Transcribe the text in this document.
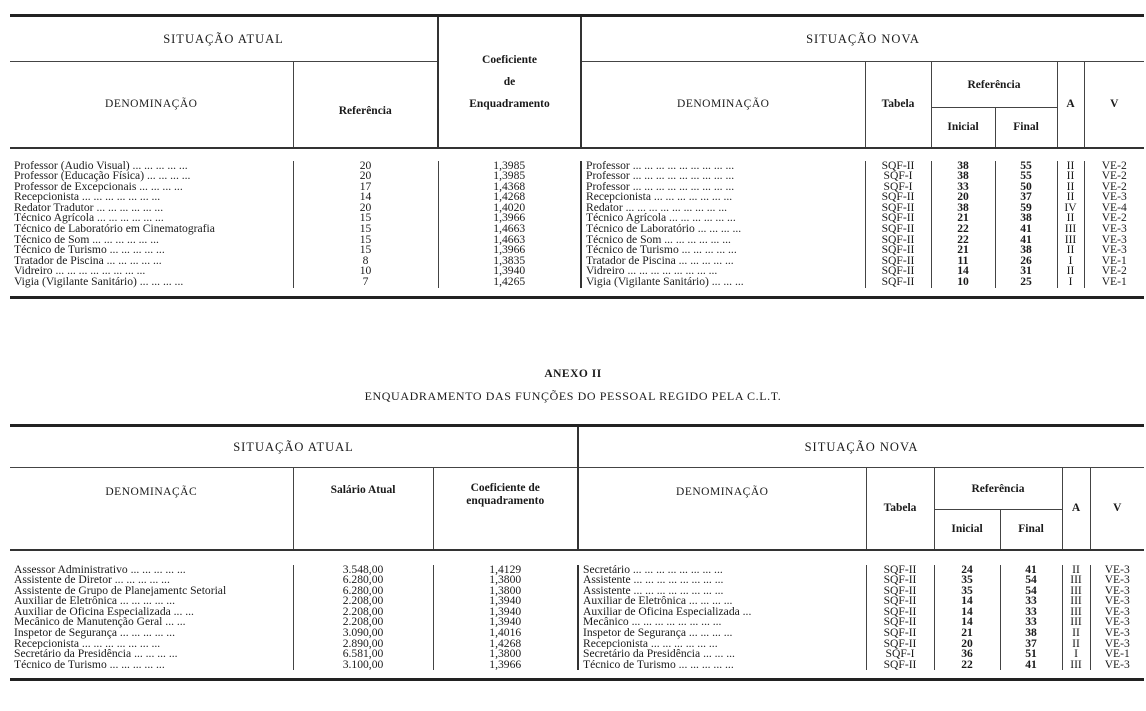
SITUAÇÃO ATUAL		Coeficiente
de
Enquadramento	SITUAÇÃO NOVA					
DENOMINAÇÃO	Referência		DENOMINAÇÃO	Tabela	Referência		A	V
					Inicial	Final		

Professor (Audio Visual) ... ... ... ... ...	20	1,3985	Professor ... ... ... ... ... ... ... ... ...	SQF-II	38	55	II	VE-2
Professor (Educação Física) ... ... ... ...	20	1,3985	Professor ... ... ... ... ... ... ... ... ...	SQF-I	38	55	II	VE-2
Professor de Excepcionais ... ... ... ...	17	1,4368	Professor ... ... ... ... ... ... ... ... ...	SQF-I	33	50	II	VE-2
Recepcionista ... ... ... ... ... ... ...	14	1,4268	Recepcionista ... ... ... ... ... ... ...	SQF-II	20	37	II	VE-3
Redator Tradutor ... ... ... ... ... ...	20	1,4020	Redator ... ... ... ... ... ... ... ... ...	SQF-II	38	59	IV	VE-4
Técnico Agrícola ... ... ... ... ... ...	15	1,3966	Técnico Agrícola ... ... ... ... ... ...	SQF-II	21	38	II	VE-2
Técnico de Laboratório em Cinematografia	15	1,4663	Técnico de Laboratório ... ... ... ...	SQF-II	22	41	III	VE-3
Técnico de Som ... ... ... ... ... ...	15	1,4663	Técnico de Som ... ... ... ... ... ...	SQF-II	22	41	III	VE-3
Técnico de Turismo ... ... ... ... ...	15	1,3966	Técnico de Turismo ... ... ... ... ...	SQF-II	21	38	II	VE-3
Tratador de Piscina ... ... ... ... ...	8	1,3835	Tratador de Piscina ... ... ... ... ...	SQF-II	11	26	I	VE-1
Vidreiro ... ... ... ... ... ... ... ...	10	1,3940	Vidreiro ... ... ... ... ... ... ... ...	SQF-II	14	31	II	VE-2
Vigia (Vigilante Sanitário) ... ... ... ...	7	1,4265	Vigia (Vigilante Sanitário) ... ... ...	SQF-II	10	25	I	VE-1

ANEXO II
ENQUADRAMENTO DAS FUNÇÕES DO PESSOAL REGIDO PELA C.L.T.

SITUAÇÃO ATUAL			SITUAÇÃO NOVA					
DENOMINAÇÃC	Salário Atual	Coeficiente de
enquadramento	DENOMINAÇÃO	Tabela	Referência		A	V
					Inicial	Final		

Assessor Administrativo ... ... ... ... ...	3.548,00	1,4129	Secretário ... ... ... ... ... ... ... ...	SQF-II	24	41	II	VE-3
Assistente de Diretor ... ... ... ... ...	6.280,00	1,3800	Assistente ... ... ... ... ... ... ... ...	SQF-II	35	54	III	VE-3
Assistente de Grupo de Planejamentc Setorial	6.280,00	1,3800	Assistente ... ... ... ... ... ... ... ...	SQF-II	35	54	III	VE-3
Auxiliar de Eletrônica ... ... ... ... ...	2.208,00	1,3940	Auxiliar de Eletrônica ... ... ... ...	SQF-II	14	33	III	VE-3
Auxiliar de Oficina Especializada ... ...	2.208,00	1,3940	Auxiliar de Oficina Especializada ...	SQF-II	14	33	III	VE-3
Mecânico de Manutenção Geral ... ...	2.208,00	1,3940	Mecânico ... ... ... ... ... ... ... ...	SQF-II	14	33	III	VE-3
Inspetor de Segurança ... ... ... ... ...	3.090,00	1,4016	Inspetor de Segurança ... ... ... ...	SQF-II	21	38	II	VE-3
Recepcionista ... ... ... ... ... ... ...	2.890,00	1,4268	Recepcionista ... ... ... ... ... ...	SQF-II	20	37	II	VE-3
Secretário da Presidência ... ... ... ...	6.581,00	1,3800	Secretário da Presidência ... ... ...	SQF-I	36	51	I	VE-1
Técnico de Turismo ... ... ... ... ...	3.100,00	1,3966	Técnico de Turismo ... ... ... ... ...	SQF-II	22	41	III	VE-3
